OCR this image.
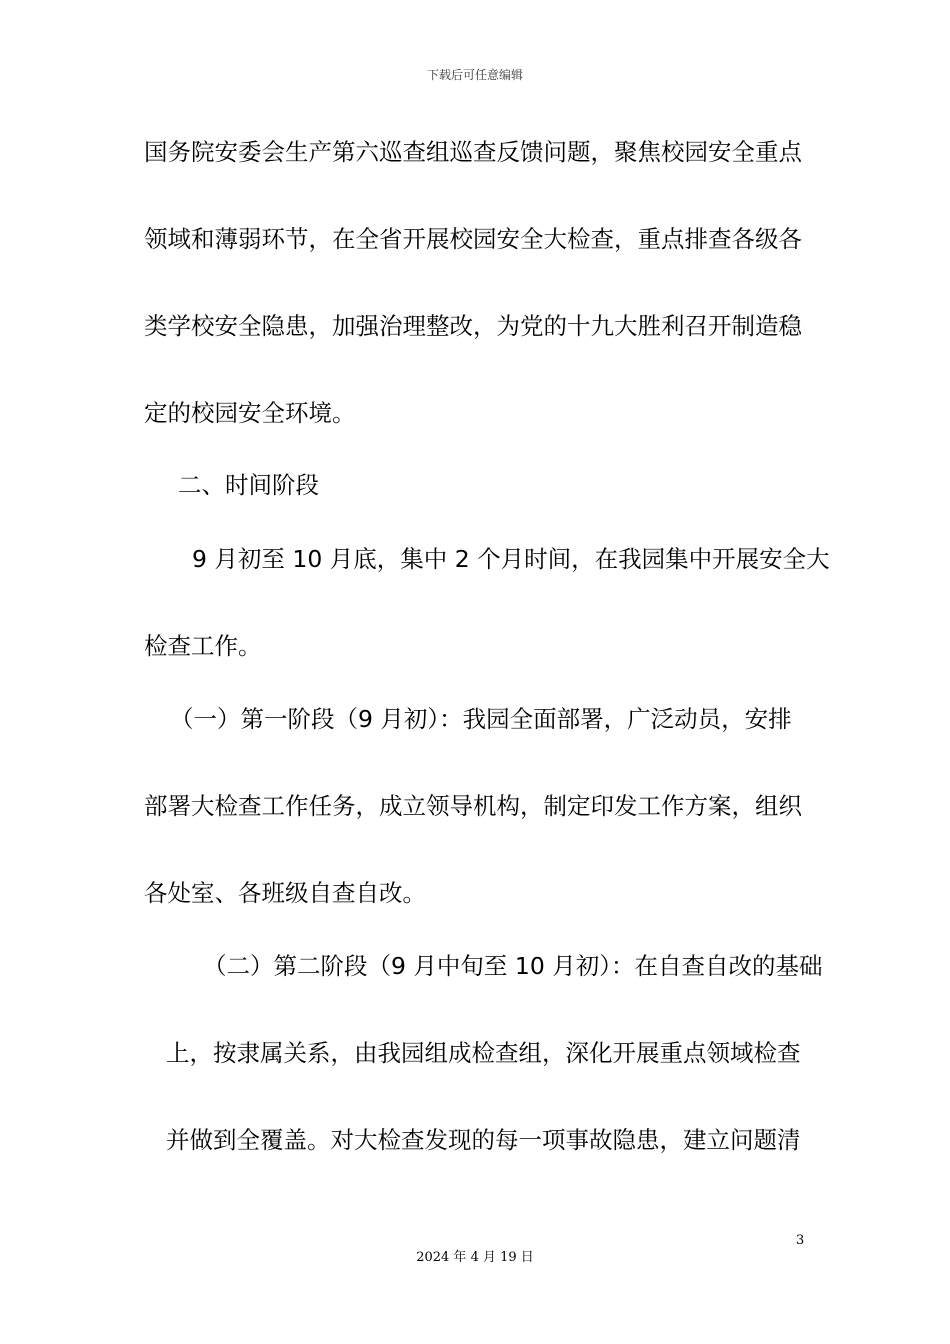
下载后可任意编辑
国务院安委会生产第六巡查组巡查反馈问题，聚焦校园安全重点
领域和薄弱环节，在全省开展校园安全大检查，重点排查各级各
类学校安全隐患，加强治理整改，为党的十九大胜利召开制造稳
定的校园安全环境。
二、时间阶段
9 月初至 10 月底，集中 2 个月时间，在我园集中开展安全大
检查工作。
（一）第一阶段（9 月初）：我园全面部署，广泛动员，安排
部署大检查工作任务，成立领导机构，制定印发工作方案，组织
各处室、各班级自查自改。
（二）第二阶段（9 月中旬至 10 月初）：在自查自改的基础
上，按隶属关系，由我园组成检查组，深化开展重点领域检查
并做到全覆盖。对大检查发现的每一项事故隐患，建立问题清
3
2024 年 4 月 19 日
